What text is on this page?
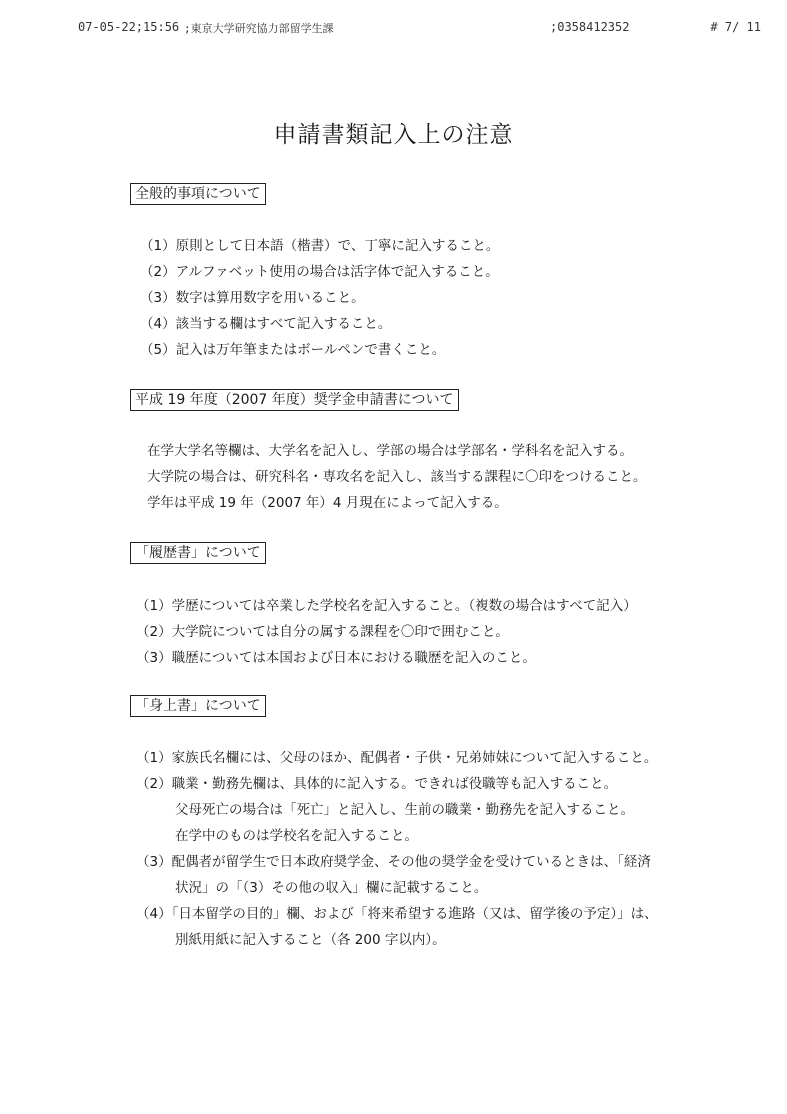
07-05-22;15:56 ;東京大学研究協力部留学生課	;0358412352	# 7/ 11
申請書類記入上の注意
全般的事項について
（1）原則として日本語（楷書）で、丁寧に記入すること。
（2）アルファベット使用の場合は活字体で記入すること。
（3）数字は算用数字を用いること。
（4）該当する欄はすべて記入すること。
（5）記入は万年筆またはボールペンで書くこと。
平成 19 年度（2007 年度）奨学金申請書について
在学大学名等欄は、大学名を記入し、学部の場合は学部名・学科名を記入する。
大学院の場合は、研究科名・専攻名を記入し、該当する課程に〇印をつけること。
学年は平成 19 年（2007 年）4 月現在によって記入する。
「履歴書」について
（1）学歴については卒業した学校名を記入すること。（複数の場合はすべて記入）
（2）大学院については自分の属する課程を〇印で囲むこと。
（3）職歴については本国および日本における職歴を記入のこと。
「身上書」について
（1）家族氏名欄には、父母のほか、配偶者・子供・兄弟姉妹について記入すること。
（2）職業・勤務先欄は、具体的に記入する。できれば役職等も記入すること。
父母死亡の場合は「死亡」と記入し、生前の職業・勤務先を記入すること。
在学中のものは学校名を記入すること。
（3）配偶者が留学生で日本政府奨学金、その他の奨学金を受けているときは、「経済
状況」の「（3）その他の収入」欄に記載すること。
（4）「日本留学の目的」欄、および「将来希望する進路（又は、留学後の予定）」は、
別紙用紙に記入すること（各 200 字以内）。
